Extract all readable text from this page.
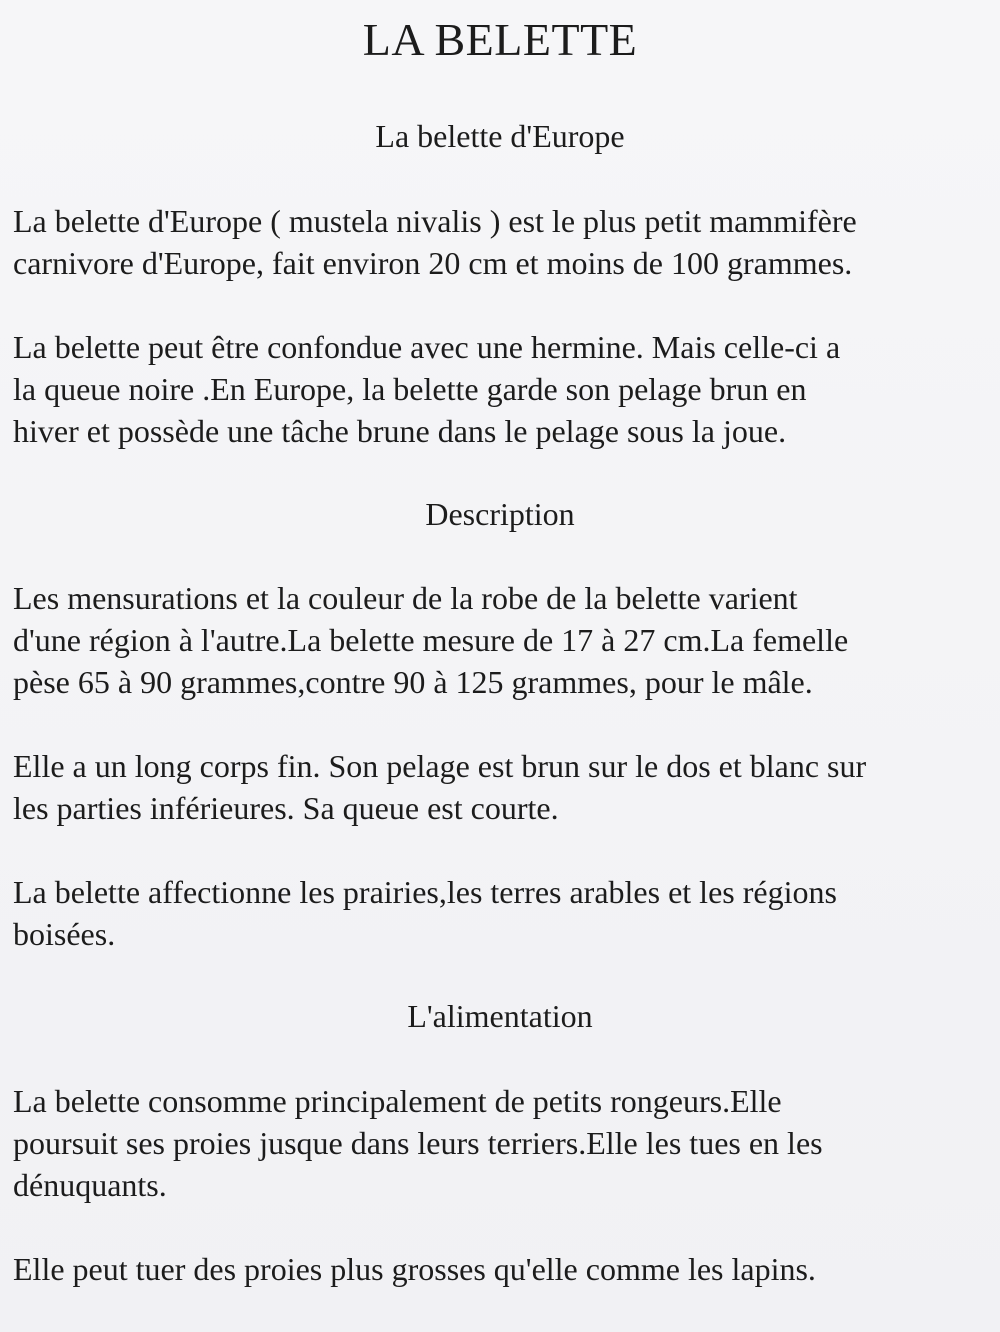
LA BELETTE
La belette d'Europe

La belette d'Europe ( mustela nivalis ) est le plus petit mammifère
carnivore d'Europe, fait environ 20 cm et moins de 100 grammes.

La belette peut être confondue avec une hermine. Mais celle-ci a
la queue noire .En Europe, la belette garde son pelage brun en
hiver et possède une tâche brune dans le pelage sous la joue.

Description

Les mensurations et la couleur de la robe de la belette varient
d'une région à l'autre.La belette mesure de 17 à 27 cm.La femelle
pèse 65 à 90 grammes,contre 90 à 125 grammes, pour le mâle.

Elle a un long corps fin. Son pelage est brun sur le dos et blanc sur
les parties inférieures. Sa queue est courte.

La belette affectionne les prairies,les terres arables et les régions
boisées.

L'alimentation

La belette consomme principalement de petits rongeurs.Elle
poursuit ses proies jusque dans leurs terriers.Elle les tues en les
dénuquants.

Elle peut tuer des proies plus grosses qu'elle comme les lapins.
